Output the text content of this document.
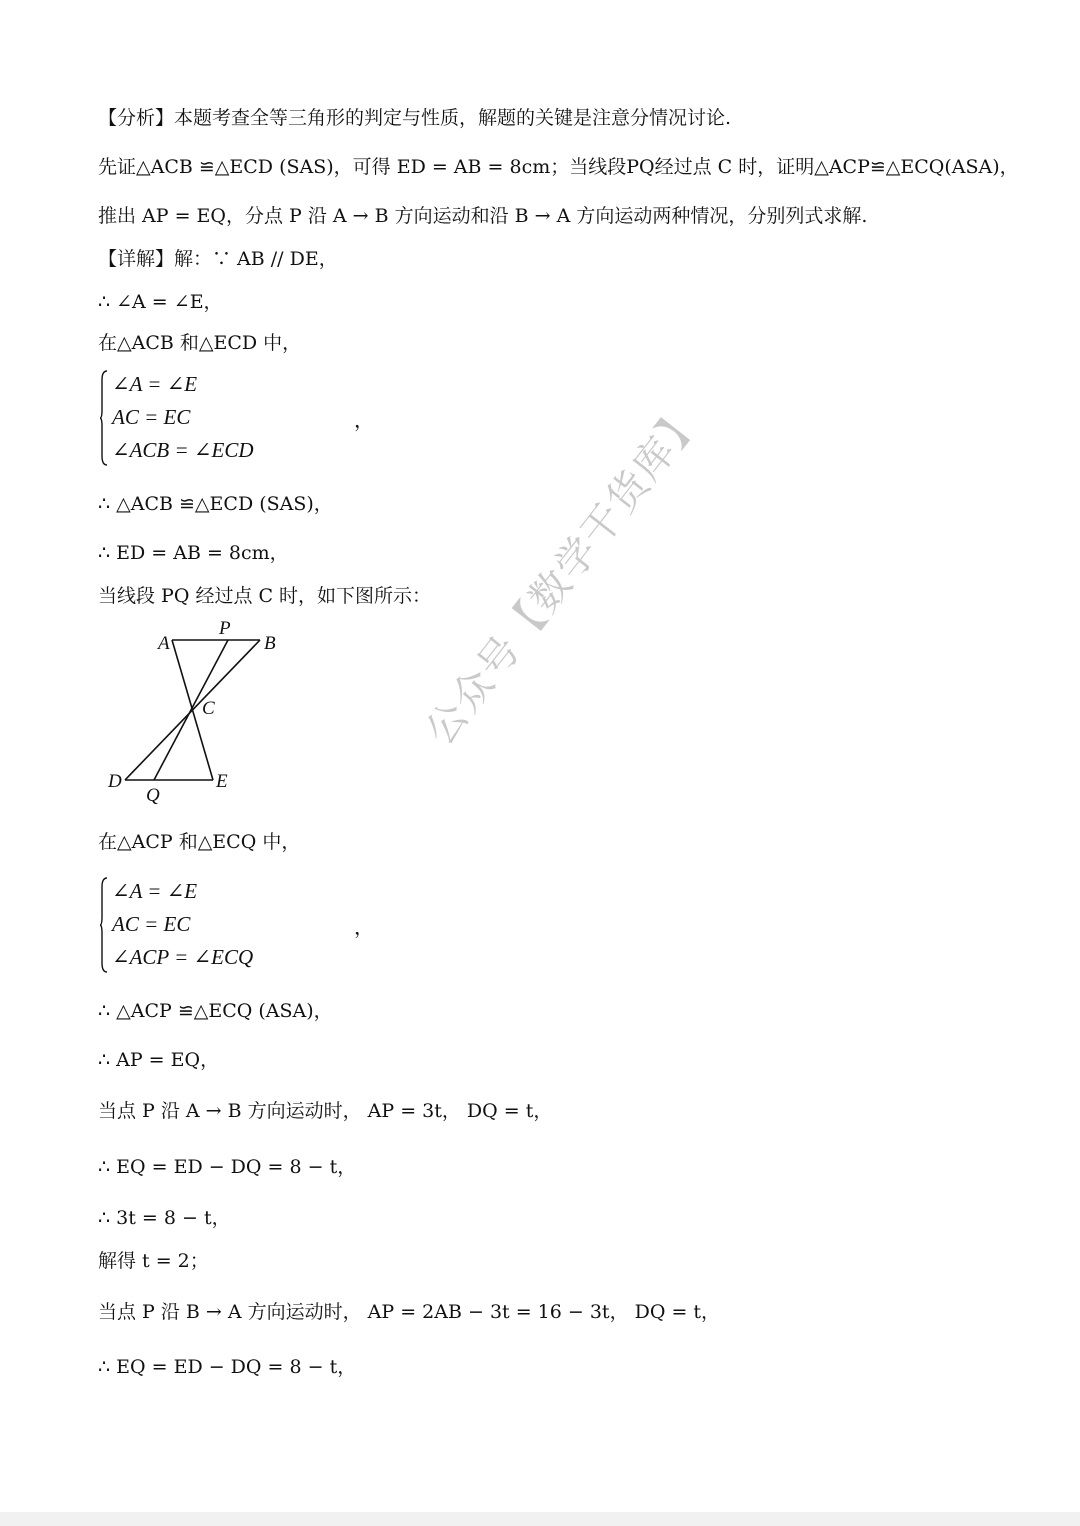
【分析】本题考查全等三角形的判定与性质，解题的关键是注意分情况讨论.

先证△ACB ≌△ECD (SAS)，可得 ED = AB = 8cm；当线段PQ经过点 C 时，证明△ACP≌△ECQ(ASA)，

推出 AP = EQ，分点 P 沿 A → B 方向运动和沿 B → A 方向运动两种情况，分别列式求解.

【详解】解：∵ AB // DE，

∴ ∠A = ∠E，

在△ACB 和△ECD 中，

∠A = ∠E

AC = EC

∠ACB = ∠ECD

，

∴ △ACB ≌△ECD (SAS)，

∴ ED = AB = 8cm，

当线段 PQ 经过点 C 时，如下图所示：

A
P
B
C
D
Q
E
公众号【数学干货库】

在△ACP 和△ECQ 中，

∠A = ∠E

AC = EC

∠ACP = ∠ECQ

，

∴ △ACP ≌△ECQ (ASA)，

∴ AP = EQ，

当点 P 沿 A → B 方向运动时， AP = 3t， DQ = t，

∴ EQ = ED − DQ = 8 − t，

∴ 3t = 8 − t，

解得 t = 2；

当点 P 沿 B → A 方向运动时， AP = 2AB − 3t = 16 − 3t， DQ = t，

∴ EQ = ED − DQ = 8 − t，
